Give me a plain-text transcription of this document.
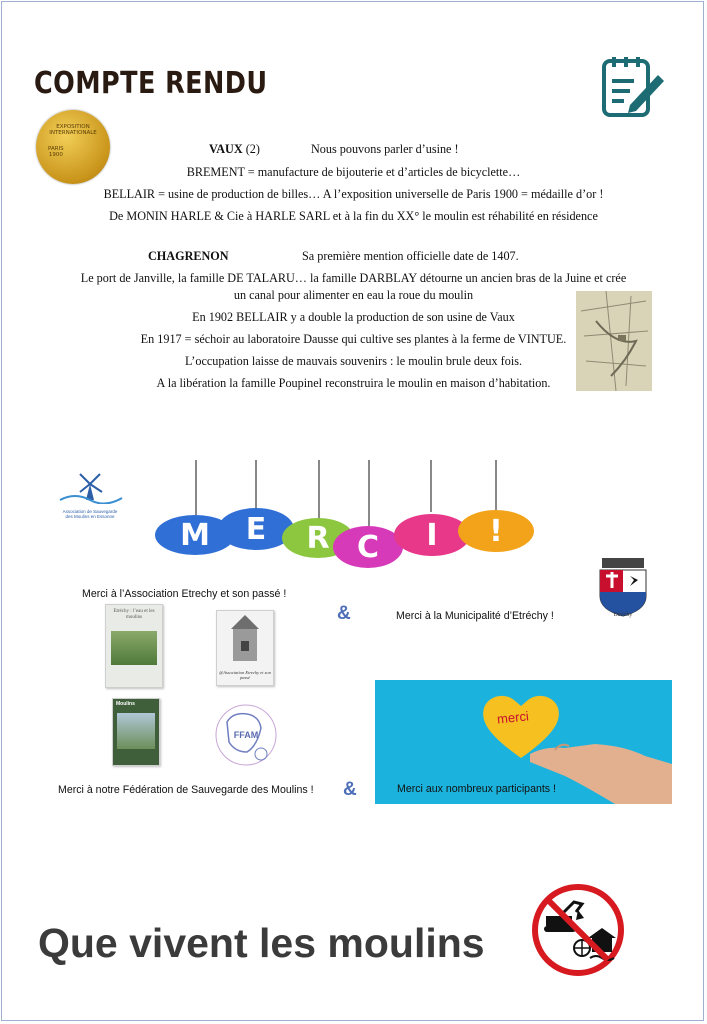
COMPTE RENDU
EXPOSITION
INTERNATIONALE
PARIS
1900	VAUX (2)	Nous pouvons parler d’usine !
BREMENT = manufacture de bijouterie et d’articles de bicyclette…
BELLAIR = usine de production de billes… A l’exposition universelle de Paris 1900 = médaille d’or !
De MONIN HARLE & Cie à HARLE SARL et à la fin du XX° le moulin est réhabilité en résidence
CHAGRENON	Sa première mention officielle date de 1407.
Le port de Janville, la famille DE TALARU… la famille DARBLAY détourne un ancien bras de la Juine et crée
un canal pour alimenter en eau la roue du moulin
En 1902 BELLAIR y a double la production de son usine de Vaux
En 1917 = séchoir au laboratoire Dausse qui cultive ses plantes à la ferme de VINTUE.
L’occupation laisse de mauvais souvenirs : le moulin brule deux fois.
A la libération la famille Poupinel reconstruira le moulin en maison d’habitation.
Association de Sauvegarde
des Moulins en Essonne
M	E	R C	I	!
Etréchy
Merci à l’Association Etrechy et son passé !
&	Merci à la Municipalité d’Etréchy !
Etréchy : l’eau et les moulins
@Association Etrechy et son passé
Moulins
FFAM
merci
Merci aux nombreux participants !
Merci à notre Fédération de Sauvegarde des Moulins ! &
Que vivent les moulins
